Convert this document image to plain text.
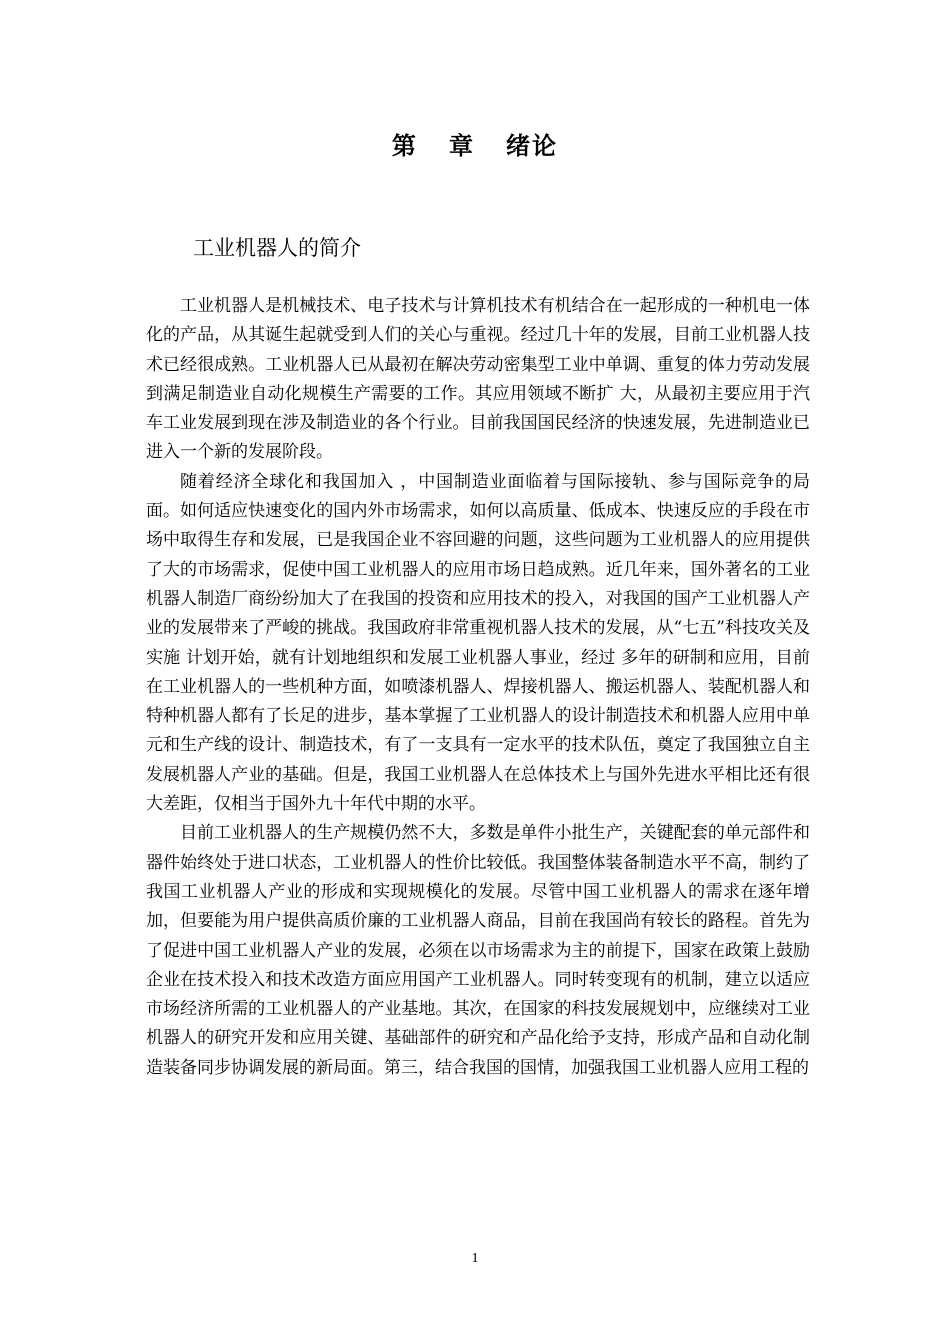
第   章   绪论
工业机器人的简介

工业机器人是机械技术、电子技术与计算机技术有机结合在一起形成的一种机电一体化的产品，从其诞生起就受到人们的关心与重视。经过几十年的发展，目前工业机器人技术已经很成熟。工业机器人已从最初在解决劳动密集型工业中单调、重复的体力劳动发展到满足制造业自动化规模生产需要的工作。其应用领域不断扩 大，从最初主要应用于汽车工业发展到现在涉及制造业的各个行业。目前我国国民经济的快速发展，先进制造业已进入一个新的发展阶段。

随着经济全球化和我国加入 ，中国制造业面临着与国际接轨、参与国际竞争的局面。如何适应快速变化的国内外市场需求，如何以高质量、低成本、快速反应的手段在市场中取得生存和发展，已是我国企业不容回避的问题，这些问题为工业机器人的应用提供了大的市场需求，促使中国工业机器人的应用市场日趋成熟。近几年来，国外著名的工业机器人制造厂商纷纷加大了在我国的投资和应用技术的投入，对我国的国产工业机器人产业的发展带来了严峻的挑战。我国政府非常重视机器人技术的发展，从“七五”科技攻关及实施 计划开始，就有计划地组织和发展工业机器人事业，经过 多年的研制和应用，目前在工业机器人的一些机种方面，如喷漆机器人、焊接机器人、搬运机器人、装配机器人和特种机器人都有了长足的进步，基本掌握了工业机器人的设计制造技术和机器人应用中单元和生产线的设计、制造技术，有了一支具有一定水平的技术队伍，奠定了我国独立自主发展机器人产业的基础。但是，我国工业机器人在总体技术上与国外先进水平相比还有很大差距，仅相当于国外九十年代中期的水平。

目前工业机器人的生产规模仍然不大，多数是单件小批生产，关键配套的单元部件和器件始终处于进口状态，工业机器人的性价比较低。我国整体装备制造水平不高，制约了我国工业机器人产业的形成和实现规模化的发展。尽管中国工业机器人的需求在逐年增加，但要能为用户提供高质价廉的工业机器人商品，目前在我国尚有较长的路程。首先为了促进中国工业机器人产业的发展，必须在以市场需求为主的前提下，国家在政策上鼓励企业在技术投入和技术改造方面应用国产工业机器人。同时转变现有的机制，建立以适应市场经济所需的工业机器人的产业基地。其次，在国家的科技发展规划中，应继续对工业机器人的研究开发和应用关键、基础部件的研究和产品化给予支持，形成产品和自动化制造装备同步协调发展的新局面。第三，结合我国的国情，加强我国工业机器人应用工程的

1
